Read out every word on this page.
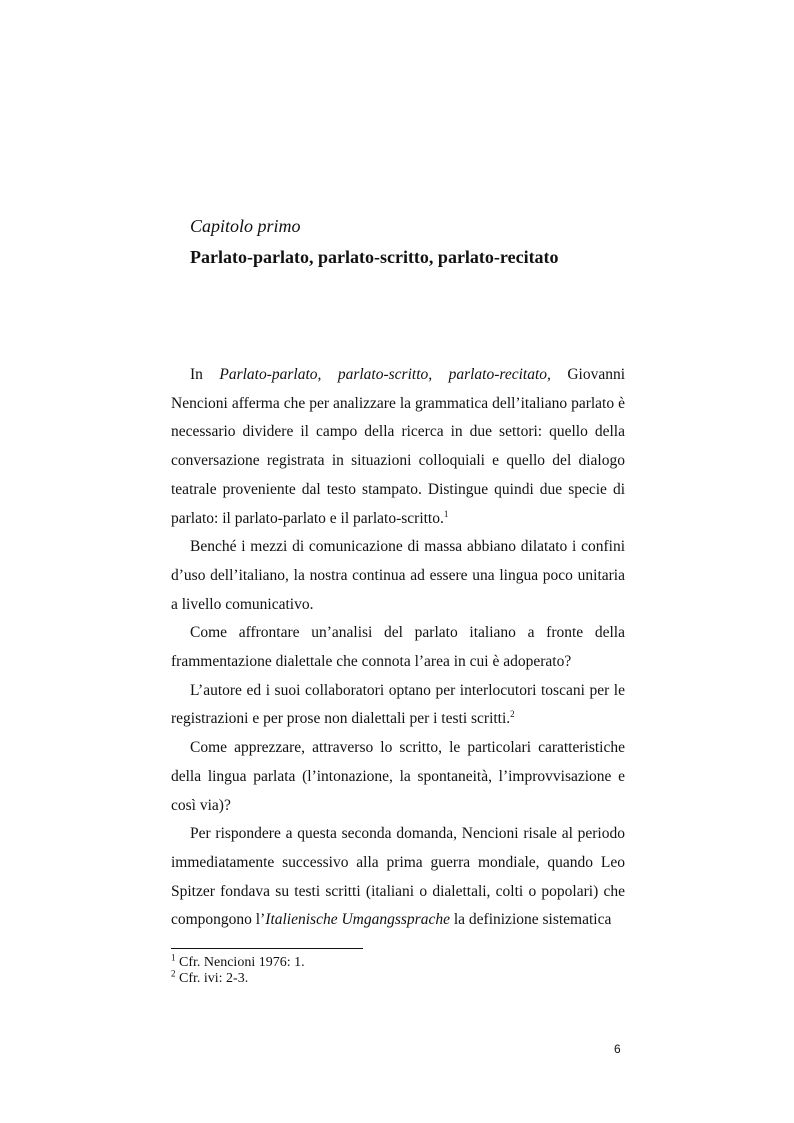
Capitolo primo
Parlato-parlato, parlato-scritto, parlato-recitato

In Parlato-parlato, parlato-scritto, parlato-recitato, Giovanni Nencioni afferma che per analizzare la grammatica dell’italiano parlato è necessario dividere il campo della ricerca in due settori: quello della conversazione registrata in situazioni colloquiali e quello del dialogo teatrale proveniente dal testo stampato. Distingue quindi due specie di parlato: il parlato-parlato e il parlato-scritto.$^1$

Benché i mezzi di comunicazione di massa abbiano dilatato i confini d’uso dell’italiano, la nostra continua ad essere una lingua poco unitaria a livello comunicativo.

Come affrontare un’analisi del parlato italiano a fronte della frammentazione dialettale che connota l’area in cui è adoperato?

L’autore ed i suoi collaboratori optano per interlocutori toscani per le registrazioni e per prose non dialettali per i testi scritti.$^2$

Come apprezzare, attraverso lo scritto, le particolari caratteristiche della lingua parlata (l’intonazione, la spontaneità, l’improvvisazione e così via)?

Per rispondere a questa seconda domanda, Nencioni risale al periodo immediatamente successivo alla prima guerra mondiale, quando Leo Spitzer fondava su testi scritti (italiani o dialettali, colti o popolari) che compongono l’Italienische Umgangssprache la definizione sistematica

$^1$ Cfr. Nencioni 1976: 1.
$^2$ Cfr. ivi: 2-3.
6
